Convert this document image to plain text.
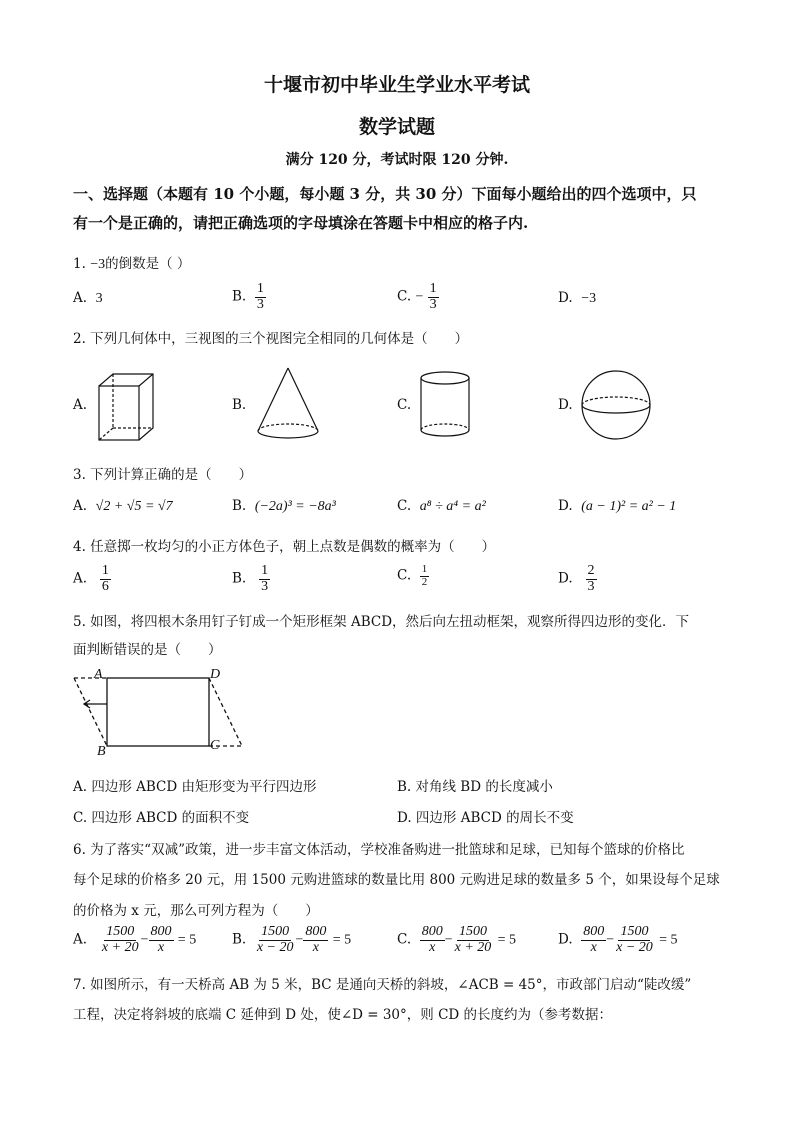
十堰市初中毕业生学业水平考试
数学试题
满分 120 分，考试时限 120 分钟.
一、选择题（本题有 10 个小题，每小题 3 分，共 30 分）下面每小题给出的四个选项中，只
有一个是正确的，请把正确选项的字母填涂在答题卡中相应的格子内.
1. −3的倒数是（ ）
A. 3	B. $\frac{1}{3}$	C. − $\frac{1}{3}$	D. −3
2. 下列几何体中，三视图的三个视图完全相同的几何体是（　　）
A.	B.	C.	D.
3. 下列计算正确的是（　　）
A. √2 + √5 = √7	B. (−2a)³ = −8a³	C. a⁸ ÷ a⁴ = a²	D. (a − 1)² = a² − 1
4. 任意掷一枚均匀的小正方体色子，朝上点数是偶数的概率为（　　）
A. $\frac{1}{6}$	B. $\frac{1}{3}$	C. $\frac{1}{2}$	D. $\frac{2}{3}$
5. 如图，将四根木条用钉子钉成一个矩形框架 ABCD，然后向左扭动框架，观察所得四边形的变化．下
面判断错误的是（　　）
A	D
B	C
A. 四边形 ABCD 由矩形变为平行四边形	B. 对角线 BD 的长度减小
C. 四边形 ABCD 的面积不变	D. 四边形 ABCD 的周长不变
6. 为了落实“双减”政策，进一步丰富文体活动，学校准备购进一批篮球和足球，已知每个篮球的价格比
每个足球的价格多 20 元，用 1500 元购进篮球的数量比用 800 元购进足球的数量多 5 个，如果设每个足球
的价格为 x 元，那么可列方程为（　　）
A. $\frac{1500}{x + 20} - \frac{800}{x} = 5$	B. $\frac{1500}{x - 20} - \frac{800}{x} = 5$	C. $\frac{800}{x} - \frac{1500}{x + 20} = 5$	D. $\frac{800}{x} - \frac{1500}{x - 20} = 5$
7. 如图所示，有一天桥高 AB 为 5 米，BC 是通向天桥的斜坡，∠ACB = 45°，市政部门启动“陡改缓”
工程，决定将斜坡的底端 C 延伸到 D 处，使∠D = 30°，则 CD 的长度约为（参考数据：
